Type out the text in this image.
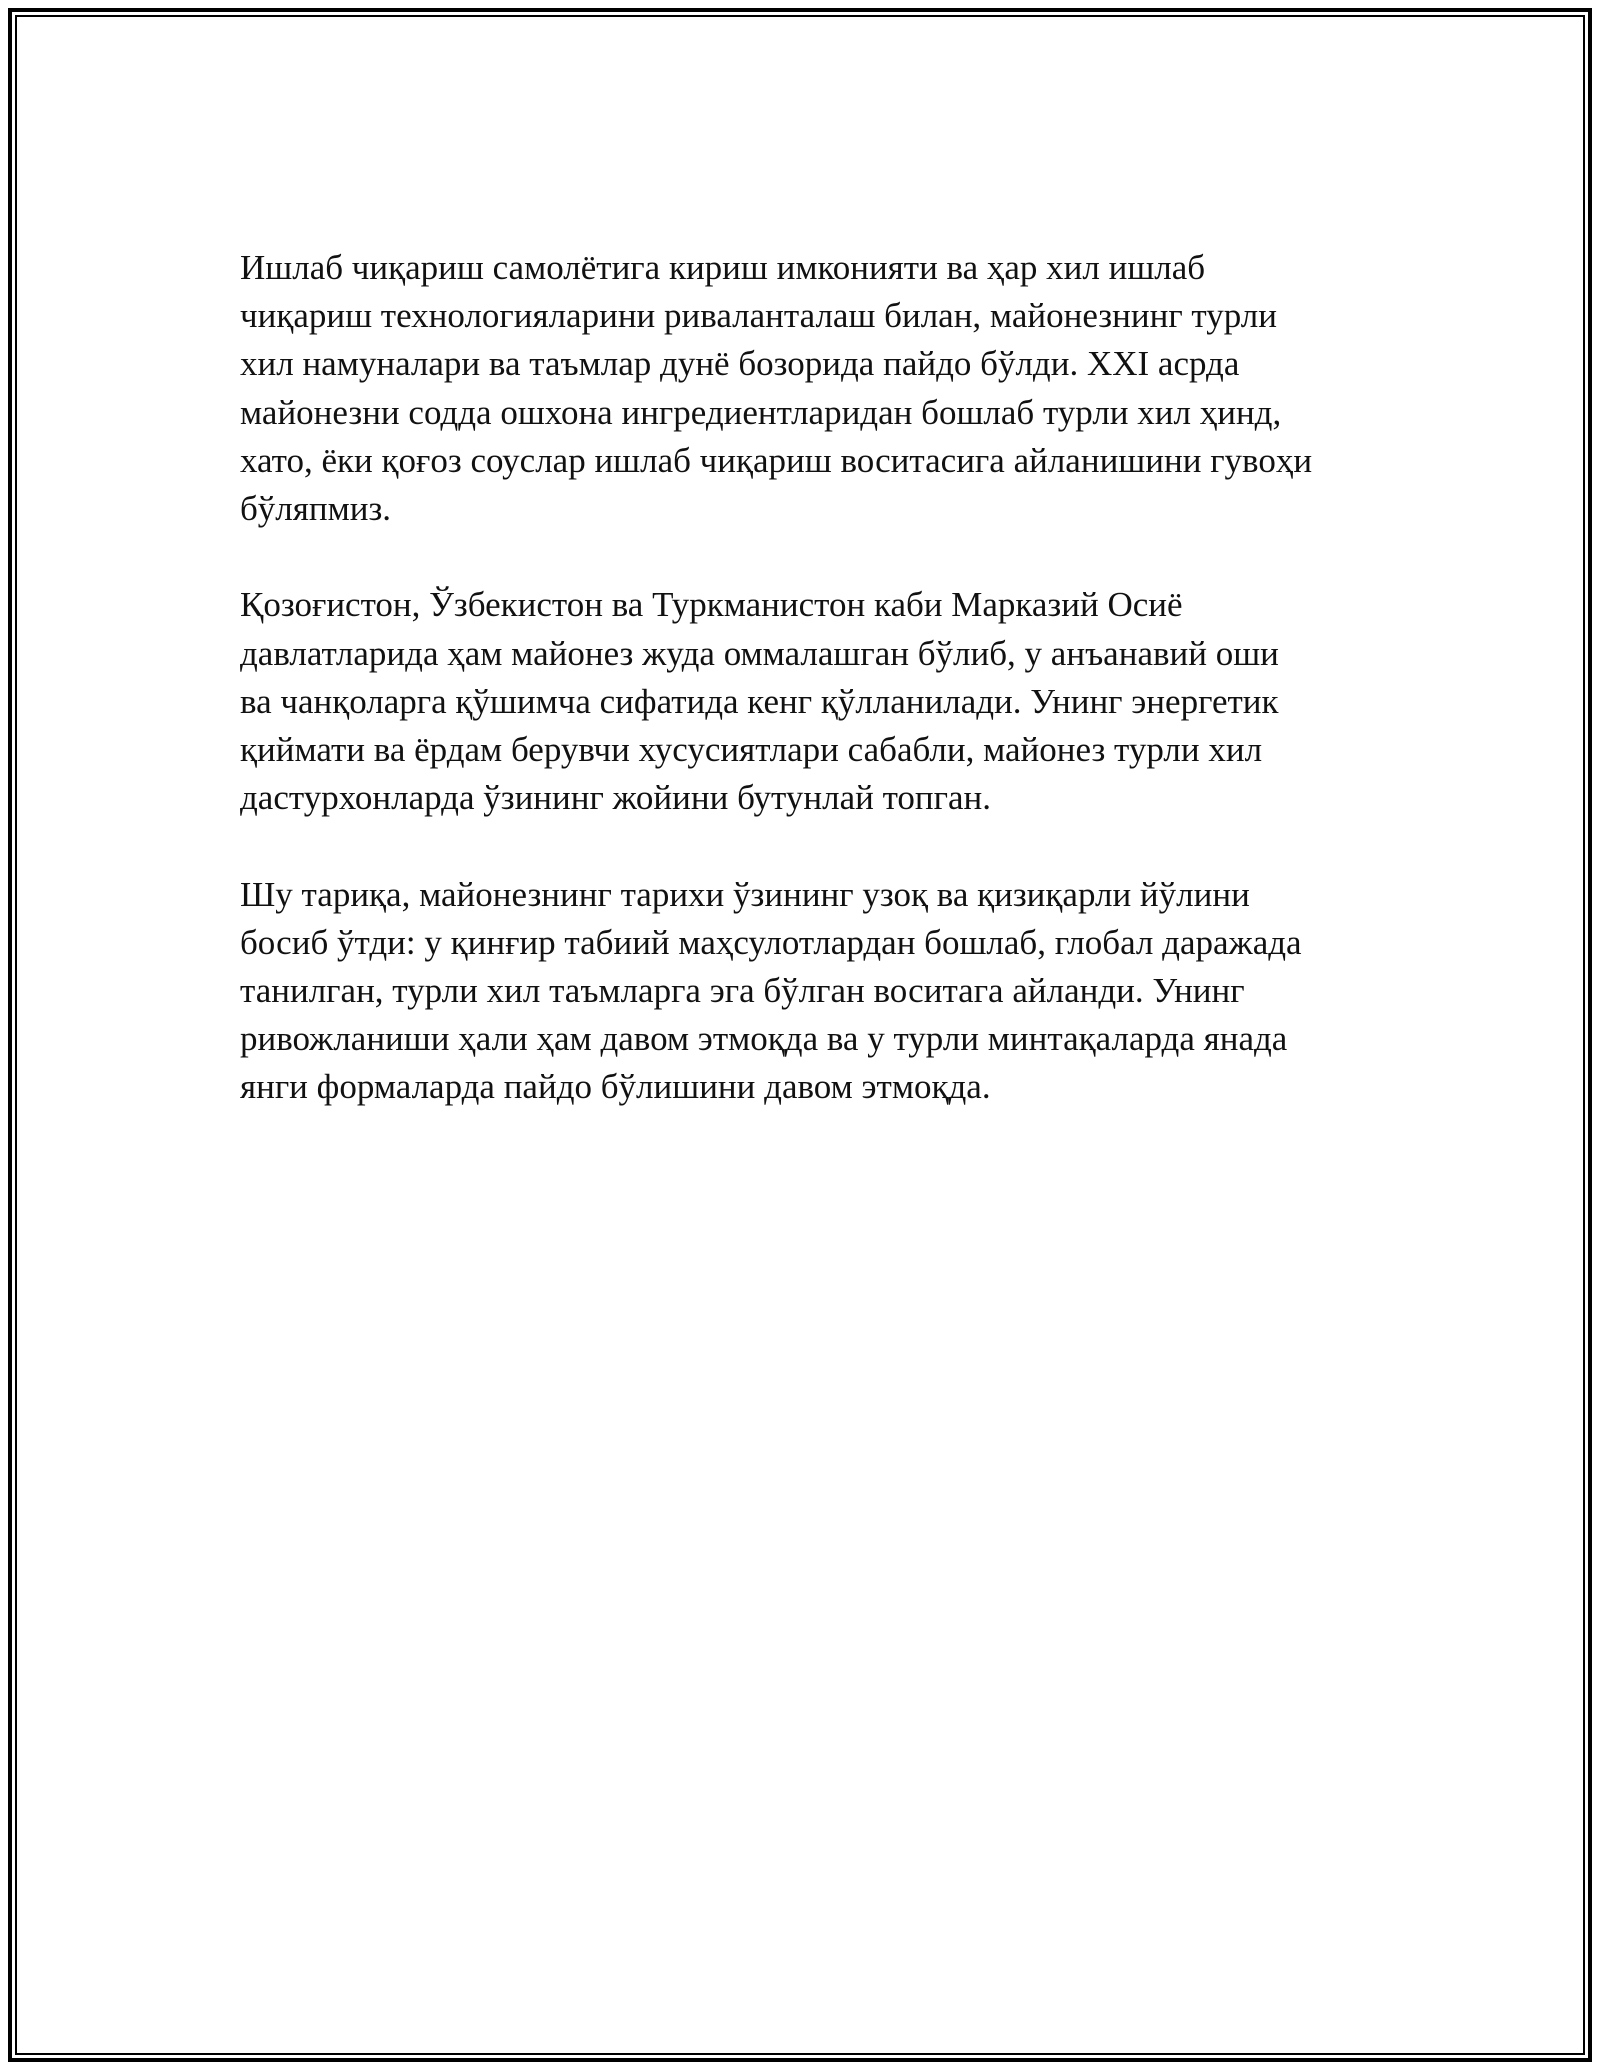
Ишлаб чиқариш самолётига кириш имконияти ва ҳар хил ишлаб
чиқариш технологияларини риваланталаш билан, майонезнинг турли
хил намуналари ва таъмлар дунё бозорида пайдо бўлди. XXI асрда
майонезни содда ошхона ингредиентларидан бошлаб турли хил ҳинд,
хато, ёки қоғоз соуслар ишлаб чиқариш воситасига айланишини гувоҳи
бўляпмиз.

Қозоғистон, Ўзбекистон ва Туркманистон каби Марказий Осиё
давлатларида ҳам майонез жуда оммалашган бўлиб, у анъанавий оши
ва чанқоларга қўшимча сифатида кенг қўлланилади. Унинг энергетик
қиймати ва ёрдам берувчи хусусиятлари сабабли, майонез турли хил
дастурхонларда ўзининг жойини бутунлай топган.

Шу тариқа, майонезнинг тарихи ўзининг узоқ ва қизиқарли йўлини
босиб ўтди: у қинғир табиий маҳсулотлардан бошлаб, глобал даражада
танилган, турли хил таъмларга эга бўлган воситага айланди. Унинг
ривожланиши ҳали ҳам давом этмоқда ва у турли минтақаларда янада
янги формаларда пайдо бўлишини давом этмоқда.
